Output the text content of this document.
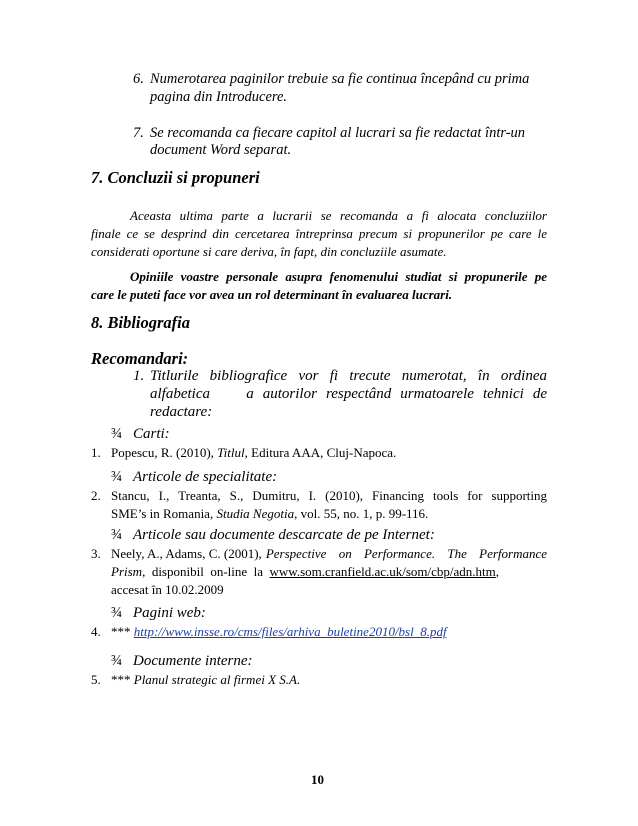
6. Numerotarea paginilor trebuie sa fie continua începând cu prima
pagina din Introducere.
7. Se recomanda ca fiecare capitol al lucrari sa fie redactat într-un
document Word separat.
7. Concluzii si propuneri
Aceasta ultima parte a lucrarii se recomanda a fi alocata concluziilor
finale ce se desprind din cercetarea întreprinsa precum si propunerilor pe care le
considerati oportune si care deriva, în fapt, din concluziile asumate.
Opiniile voastre personale asupra fenomenului studiat si propunerile pe
care le puteti face vor avea un rol determinant în evaluarea lucrari.
8. Bibliografia
Recomandari:
1. Titlurile bibliografice vor fi trecute numerotat, în ordinea
alfabetica    a autorilor respectând urmatoarele tehnici de
redactare:
¾ Carti:
1. Popescu, R. (2010), Titlul, Editura AAA, Cluj-Napoca.
¾ Articole de specialitate:
2. Stancu, I., Treanta, S., Dumitru, I. (2010), Financing tools for supporting
SME’s in Romania, Studia Negotia, vol. 55, no. 1, p. 99-116.
¾ Articole sau documente descarcate de pe Internet:
3. Neely, A., Adams, C. (2001), Perspective on Performance. The Performance
Prism,  disponibil  on-line  la  www.som.cranfield.ac.uk/som/cbp/adn.htm,
accesat în 10.02.2009
¾ Pagini web:
4. *** http://www.insse.ro/cms/files/arhiva_buletine2010/bsl_8.pdf
¾ Documente interne:
5. *** Planul strategic al firmei X S.A.
10
